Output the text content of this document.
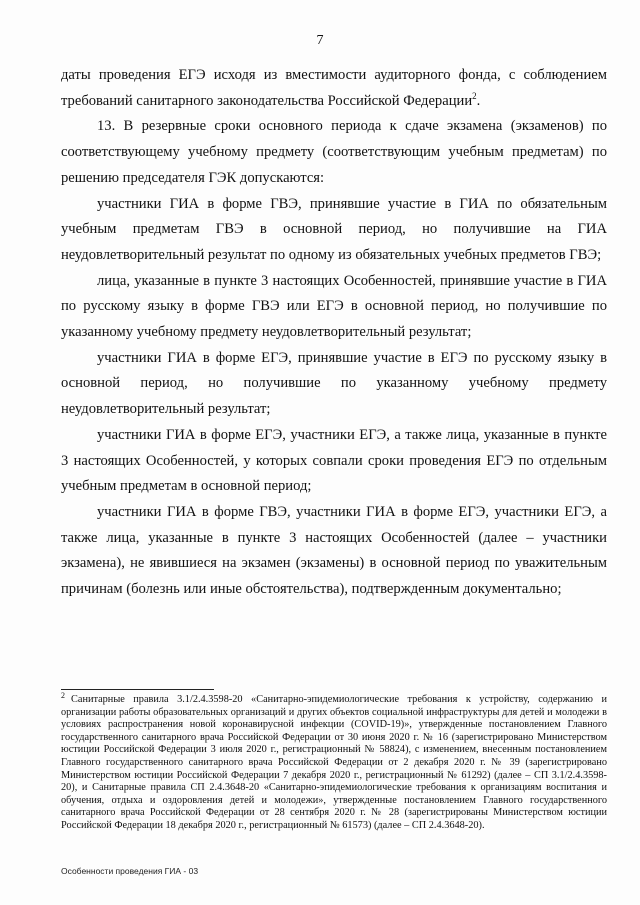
7

даты проведения ЕГЭ исходя из вместимости аудиторного фонда, с соблюдением требований санитарного законодательства Российской Федерации$^2$.

13. В резервные сроки основного периода к сдаче экзамена (экзаменов) по соответствующему учебному предмету (соответствующим учебным предметам) по решению председателя ГЭК допускаются:

участники ГИА в форме ГВЭ, принявшие участие в ГИА по обязательным учебным предметам ГВЭ в основной период, но получившие на ГИА неудовлетворительный результат по одному из обязательных учебных предметов ГВЭ;

лица, указанные в пункте 3 настоящих Особенностей, принявшие участие в ГИА по русскому языку в форме ГВЭ или ЕГЭ в основной период, но получившие по указанному учебному предмету неудовлетворительный результат;

участники ГИА в форме ЕГЭ, принявшие участие в ЕГЭ по русскому языку в основной период, но получившие по указанному учебному предмету неудовлетворительный результат;

участники ГИА в форме ЕГЭ, участники ЕГЭ, а также лица, указанные в пункте 3 настоящих Особенностей, у которых совпали сроки проведения ЕГЭ по отдельным учебным предметам в основной период;

участники ГИА в форме ГВЭ, участники ГИА в форме ЕГЭ, участники ЕГЭ, а также лица, указанные в пункте 3 настоящих Особенностей (далее – участники экзамена), не явившиеся на экзамен (экзамены) в основной период по уважительным причинам (болезнь или иные обстоятельства), подтвержденным документально;

$^2$ Санитарные правила 3.1/2.4.3598-20 «Санитарно-эпидемиологические требования к устройству, содержанию и организации работы образовательных организаций и других объектов социальной инфраструктуры для детей и молодежи в условиях распространения новой коронавирусной инфекции (COVID-19)», утвержденные постановлением Главного государственного санитарного врача Российской Федерации от 30 июня 2020 г. № 16 (зарегистрировано Министерством юстиции Российской Федерации 3 июля 2020 г., регистрационный № 58824), с изменением, внесенным постановлением Главного государственного санитарного врача Российской Федерации от 2 декабря 2020 г. № 39 (зарегистрировано Министерством юстиции Российской Федерации 7 декабря 2020 г., регистрационный № 61292) (далее – СП 3.1/2.4.3598-20), и Санитарные правила СП 2.4.3648-20 «Санитарно-эпидемиологические требования к организациям воспитания и обучения, отдыха и оздоровления детей и молодежи», утвержденные постановлением Главного государственного санитарного врача Российской Федерации от 28 сентября 2020 г. № 28 (зарегистрированы Министерством юстиции Российской Федерации 18 декабря 2020 г., регистрационный № 61573) (далее – СП 2.4.3648-20).
Особенности проведения ГИА - 03
